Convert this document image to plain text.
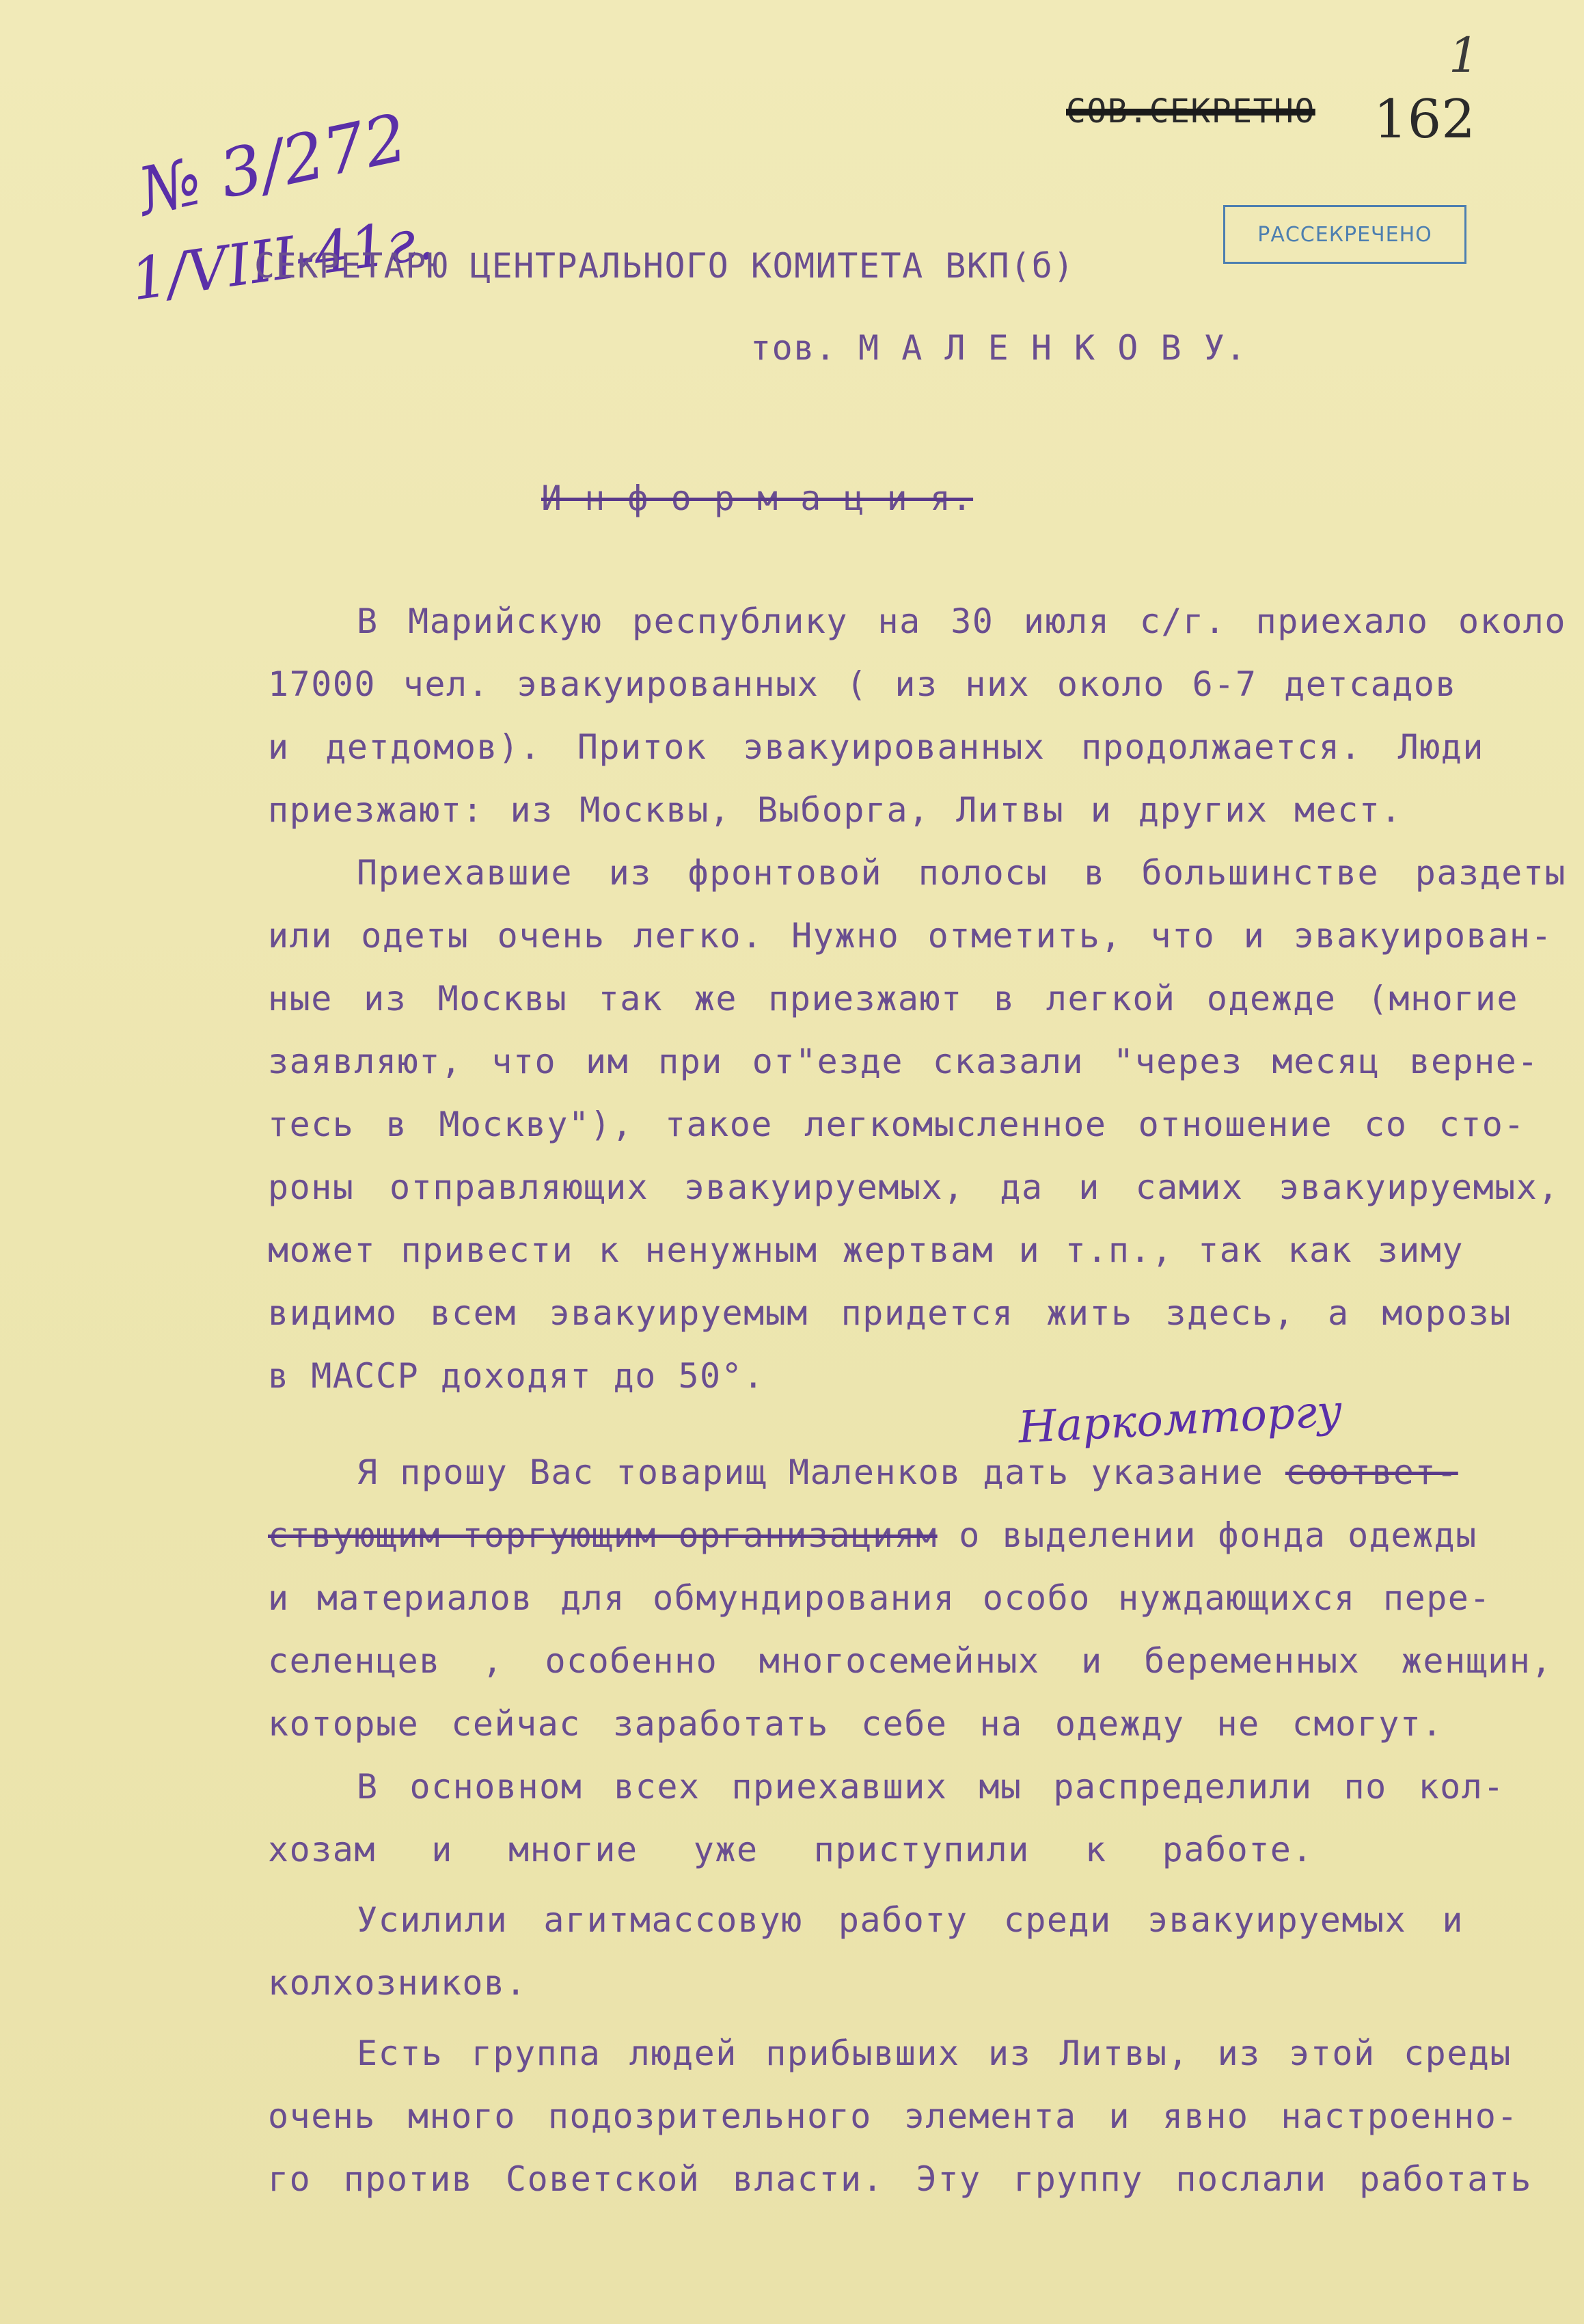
№ 3/272
1/VIII-41г.
СОВ.СЕКРЕТНО 162
1
РАССЕКРЕЧЕНО
СЕКРЕТАРЮ ЦЕНТРАЛЬНОГО КОМИТЕТА ВКП(б)
тов. М А Л Е Н К О В У.
И н ф о р м а ц и я.
Наркомторгу
В Марийскую республику на 30 июля с/г. приехало около
17000 чел. эвакуированных ( из них около 6-7 детсадов
и детдомов). Приток эвакуированных продолжается. Люди
приезжают: из Москвы, Выборга, Литвы и других мест.
Приехавшие из фронтовой полосы в большинстве раздеты
или одеты очень легко. Нужно отметить, что и эвакуирован-
ные из Москвы так же приезжают в легкой одежде (многие
заявляют, что им при от"езде сказали "через месяц верне-
тесь в Москву"), такое легкомысленное отношение со сто-
роны отправляющих эвакуируемых, да и самих эвакуируемых,
может привести к ненужным жертвам и т.п., так как зиму
видимо всем эвакуируемым придется жить здесь, а морозы
в МАССР доходят до 50°.
Я прошу Вас товарищ Маленков дать указание соответ-
ствующим торгующим организациям о выделении фонда одежды
и материалов для обмундирования особо нуждающихся пере-
селенцев , особенно многосемейных и беременных женщин,
которые сейчас заработать себе на одежду не смогут.
В основном всех приехавших мы распределили по кол-
хозам и многие уже приступили к работе.
Усилили агитмассовую работу среди эвакуируемых и
колхозников.
Есть группа людей прибывших из Литвы, из этой среды
очень много подозрительного элемента и явно настроенно-
го против Советской власти. Эту группу послали работать
